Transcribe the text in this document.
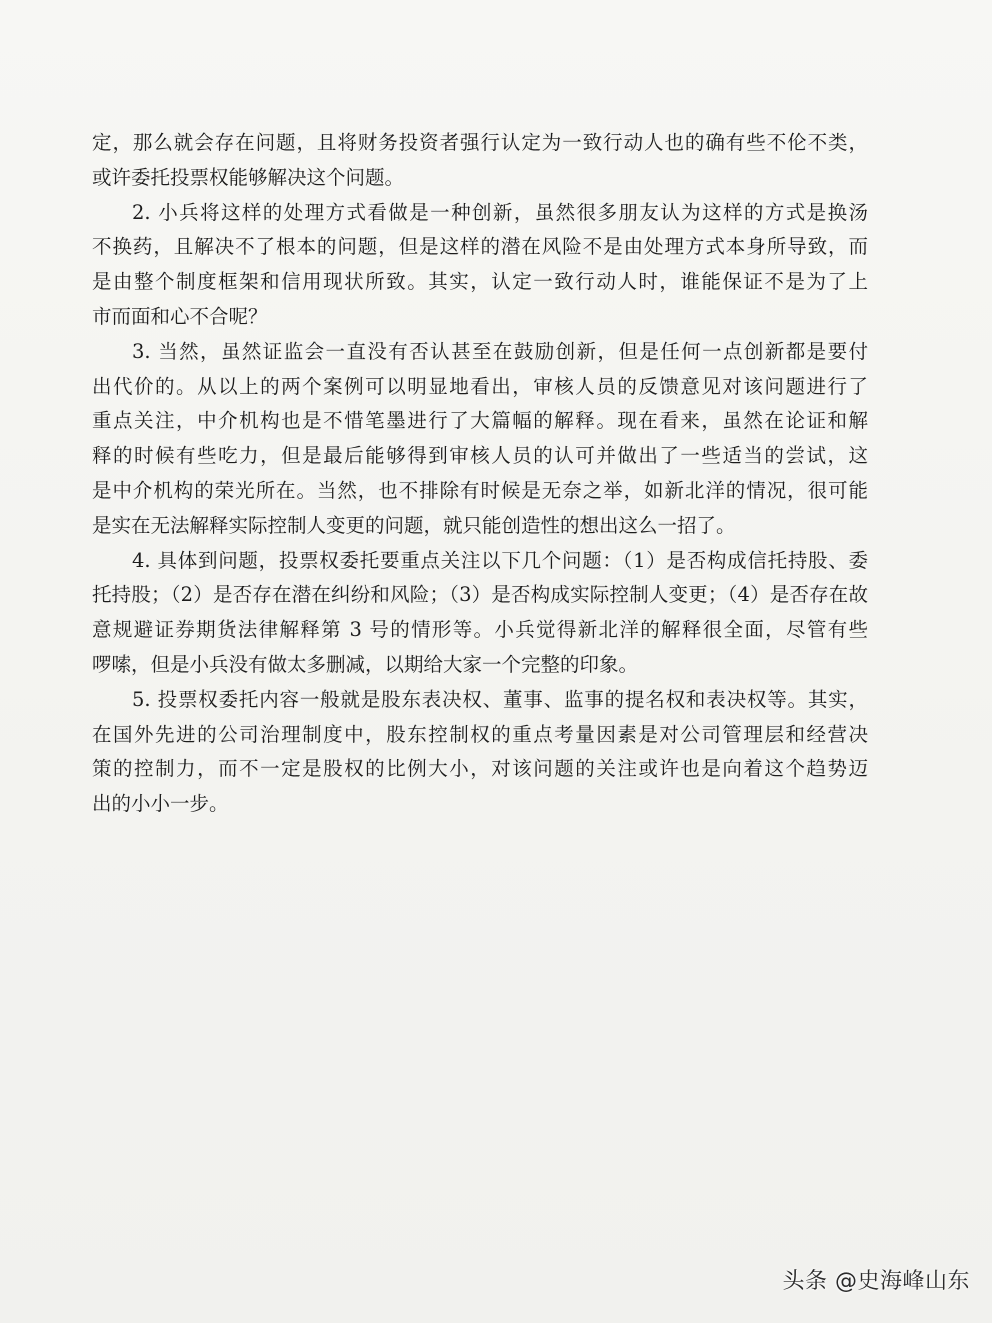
定，那么就会存在问题，且将财务投资者强行认定为一致行动人也的确有些不伦不类，
或许委托投票权能够解决这个问题。

2. 小兵将这样的处理方式看做是一种创新，虽然很多朋友认为这样的方式是换汤
不换药，且解决不了根本的问题，但是这样的潜在风险不是由处理方式本身所导致，而
是由整个制度框架和信用现状所致。其实，认定一致行动人时，谁能保证不是为了上
市而面和心不合呢？

3. 当然，虽然证监会一直没有否认甚至在鼓励创新，但是任何一点创新都是要付
出代价的。从以上的两个案例可以明显地看出，审核人员的反馈意见对该问题进行了
重点关注，中介机构也是不惜笔墨进行了大篇幅的解释。现在看来，虽然在论证和解
释的时候有些吃力，但是最后能够得到审核人员的认可并做出了一些适当的尝试，这
是中介机构的荣光所在。当然，也不排除有时候是无奈之举，如新北洋的情况，很可能
是实在无法解释实际控制人变更的问题，就只能创造性的想出这么一招了。

4. 具体到问题，投票权委托要重点关注以下几个问题：（1）是否构成信托持股、委
托持股；（2）是否存在潜在纠纷和风险；（3）是否构成实际控制人变更；（4）是否存在故
意规避证券期货法律解释第 3 号的情形等。小兵觉得新北洋的解释很全面，尽管有些
啰嗦，但是小兵没有做太多删减，以期给大家一个完整的印象。

5. 投票权委托内容一般就是股东表决权、董事、监事的提名权和表决权等。其实，
在国外先进的公司治理制度中，股东控制权的重点考量因素是对公司管理层和经营决
策的控制力，而不一定是股权的比例大小，对该问题的关注或许也是向着这个趋势迈
出的小小一步。

头条 @史海峰山东
